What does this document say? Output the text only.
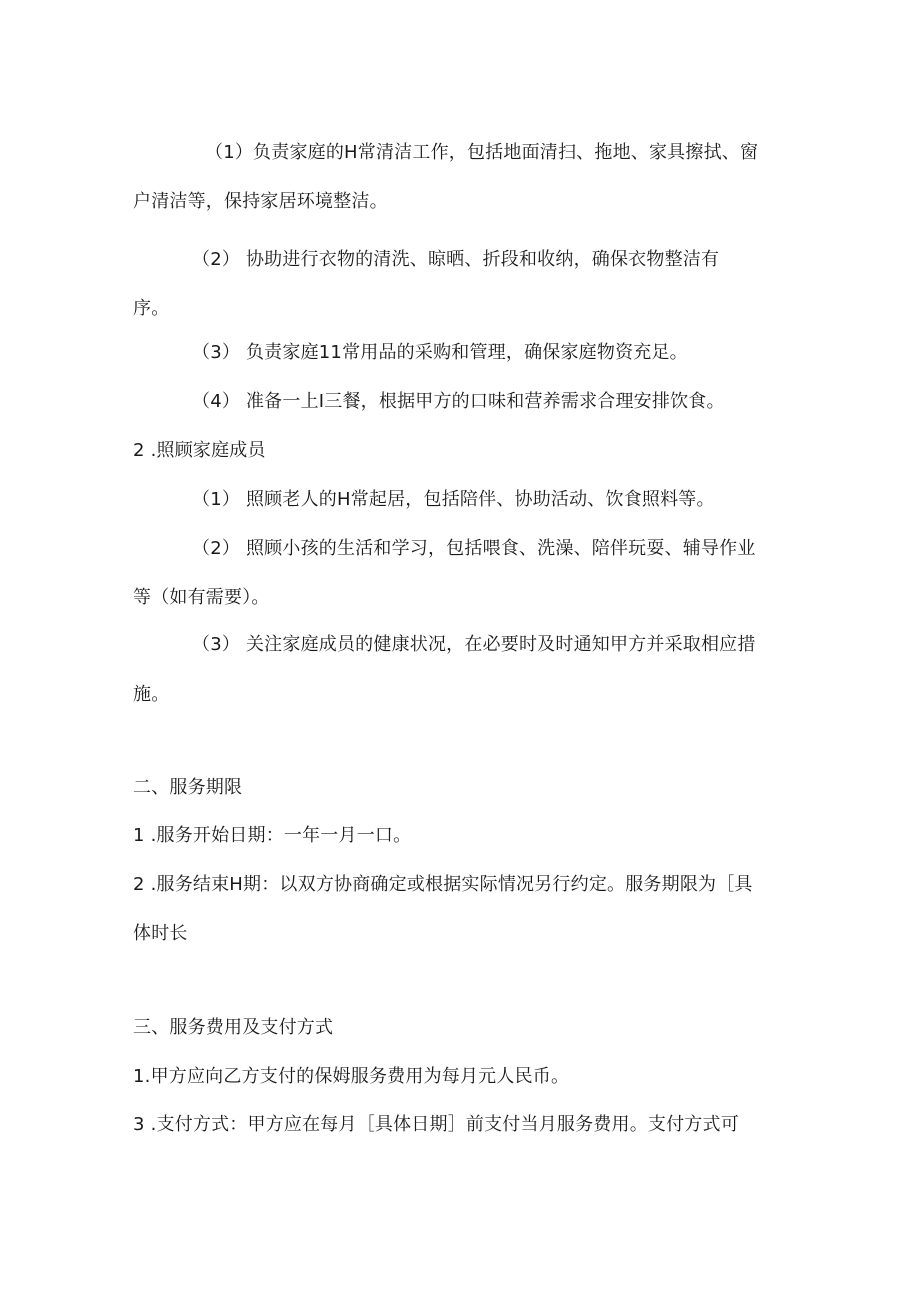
（1）负责家庭的H常清洁工作，包括地面清扫、拖地、家具擦拭、窗
户清洁等，保持家居环境整洁。
（2） 协助进行衣物的清洗、晾晒、折段和收纳，确保衣物整洁有
序。
（3） 负责家庭11常用品的采购和管理，确保家庭物资充足。
（4） 准备一上I三餐，根据甲方的口味和营养需求合理安排饮食。
2 .照顾家庭成员
（1） 照顾老人的H常起居，包括陪伴、协助活动、饮食照料等。
（2） 照顾小孩的生活和学习，包括喂食、洗澡、陪伴玩耍、辅导作业
等（如有需要）。
（3） 关注家庭成员的健康状况，在必要时及时通知甲方并采取相应措
施。
二、服务期限
1 .服务开始日期：一年一月一口。
2 .服务结束H期：以双方协商确定或根据实际情况另行约定。服务期限为［具
体时长
三、服务费用及支付方式
1.甲方应向乙方支付的保姆服务费用为每月元人民币。
3 .支付方式：甲方应在每月［具体日期］前支付当月服务费用。支付方式可
